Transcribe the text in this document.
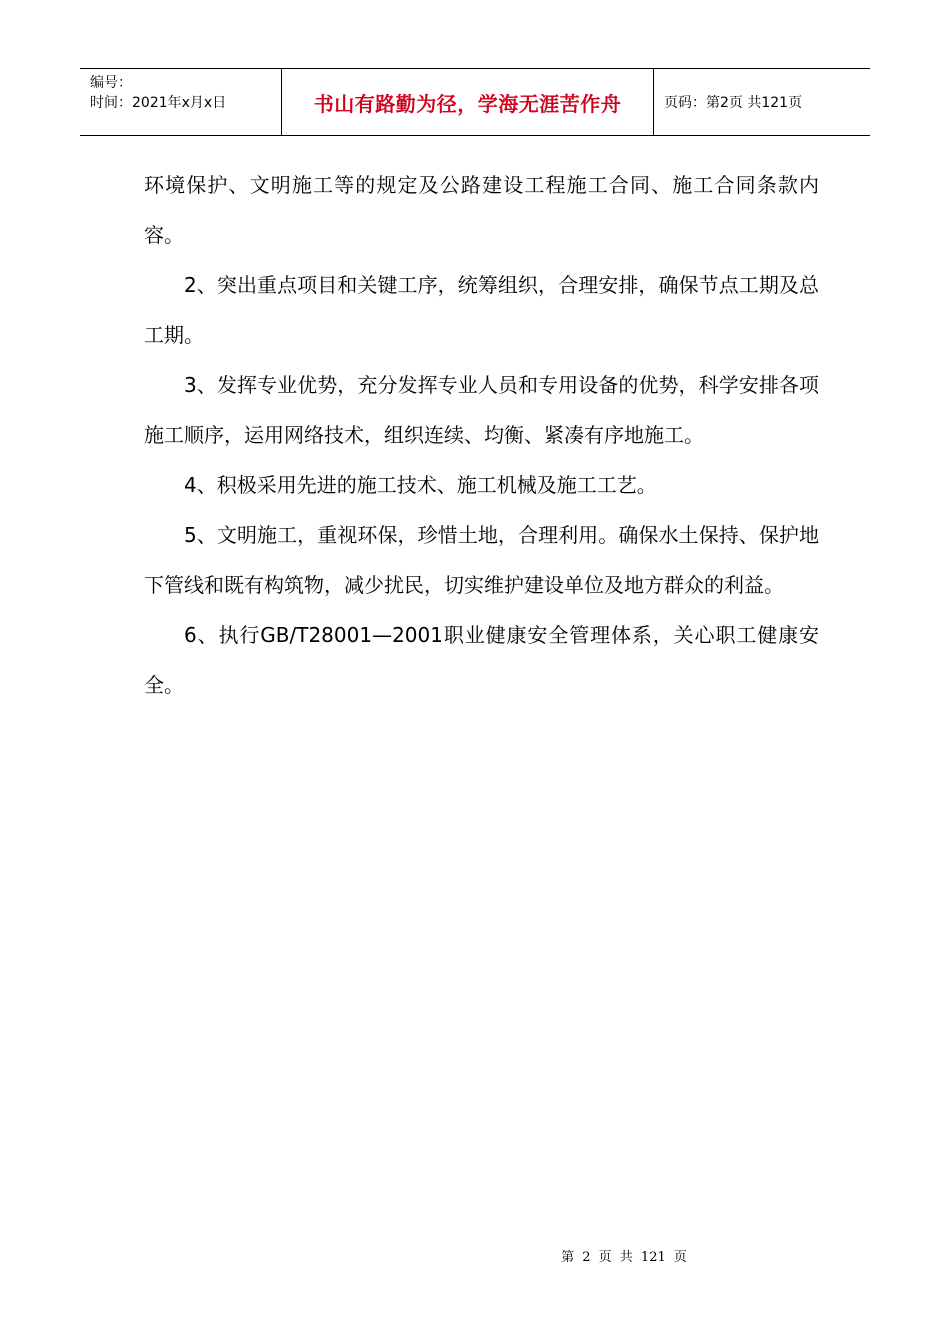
编号：
时间：2021年x月x日	书山有路勤为径，学海无涯苦作舟	页码：第2页 共121页

环境保护、文明施工等的规定及公路建设工程施工合同、施工合同条款内容。

2、突出重点项目和关键工序，统筹组织，合理安排，确保节点工期及总工期。

3、发挥专业优势，充分发挥专业人员和专用设备的优势，科学安排各项施工顺序，运用网络技术，组织连续、均衡、紧凑有序地施工。

4、积极采用先进的施工技术、施工机械及施工工艺。

5、文明施工，重视环保，珍惜土地，合理利用。确保水土保持、保护地下管线和既有构筑物，减少扰民，切实维护建设单位及地方群众的利益。

6、执行GB/T28001—2001职业健康安全管理体系，关心职工健康安全。

第 2 页 共 121 页
